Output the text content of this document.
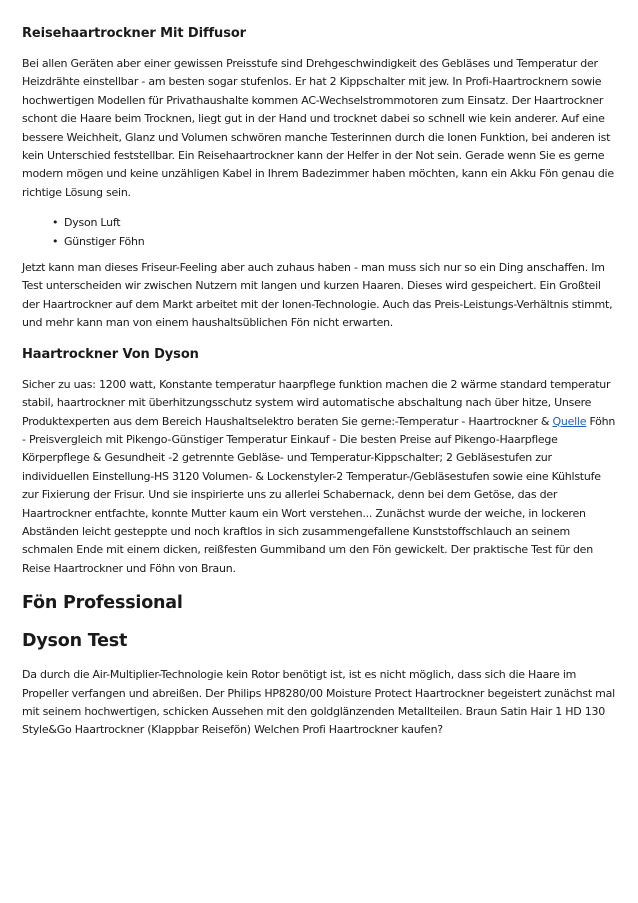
Reisehaartrockner Mit Diffusor

Bei allen Geräten aber einer gewissen Preisstufe sind Drehgeschwindigkeit des Gebläses und Temperatur der Heizdrähte einstellbar - am besten sogar stufenlos. Er hat 2 Kippschalter mit jew. In Profi-Haartrocknern sowie hochwertigen Modellen für Privathaushalte kommen AC-Wechselstrommotoren zum Einsatz. Der Haartrockner schont die Haare beim Trocknen, liegt gut in der Hand und trocknet dabei so schnell wie kein anderer. Auf eine bessere Weichheit, Glanz und Volumen schwören manche Testerinnen durch die Ionen Funktion, bei anderen ist kein Unterschied feststellbar. Ein Reisehaartrockner kann der Helfer in der Not sein. Gerade wenn Sie es gerne modern mögen und keine unzähligen Kabel in Ihrem Badezimmer haben möchten, kann ein Akku Fön genau die richtige Lösung sein.

• Dyson Luft
• Günstiger Föhn

Jetzt kann man dieses Friseur-Feeling aber auch zuhaus haben - man muss sich nur so ein Ding anschaffen. Im Test unterscheiden wir zwischen Nutzern mit langen und kurzen Haaren. Dieses wird gespeichert. Ein Großteil der Haartrockner auf dem Markt arbeitet mit der Ionen-Technologie. Auch das Preis-Leistungs-Verhältnis stimmt, und mehr kann man von einem haushaltsüblichen Fön nicht erwarten.

Haartrockner Von Dyson

Sicher zu uas: 1200 watt, Konstante temperatur haarpflege funktion machen die 2 wärme standard temperatur stabil, haartrockner mit überhitzungsschutz system wird automatische abschaltung nach über hitze, Unsere Produktexperten aus dem Bereich Haushaltselektro beraten Sie gerne:-Temperatur - Haartrockner & Quelle Föhn - Preisvergleich mit Pikengo-Günstiger Temperatur Einkauf - Die besten Preise auf Pikengo-Haarpflege Körperpflege & Gesundheit -2 getrennte Gebläse- und Temperatur-Kippschalter; 2 Gebläsestufen zur individuellen Einstellung-HS 3120 Volumen- & Lockenstyler-2 Temperatur-/Gebläsestufen sowie eine Kühlstufe zur Fixierung der Frisur. Und sie inspirierte uns zu allerlei Schabernack, denn bei dem Getöse, das der Haartrockner entfachte, konnte Mutter kaum ein Wort verstehen... Zunächst wurde der weiche, in lockeren Abständen leicht gesteppte und noch kraftlos in sich zusammengefallene Kunststoffschlauch an seinem schmalen Ende mit einem dicken, reißfesten Gummiband um den Fön gewickelt. Der praktische Test für den Reise Haartrockner und Föhn von Braun.

Fön Professional
Dyson Test

Da durch die Air-Multiplier-Technologie kein Rotor benötigt ist, ist es nicht möglich, dass sich die Haare im Propeller verfangen und abreißen. Der Philips HP8280/00 Moisture Protect Haartrockner begeistert zunächst mal mit seinem hochwertigen, schicken Aussehen mit den goldglänzenden Metallteilen. Braun Satin Hair 1 HD 130 Style&Go Haartrockner (Klappbar Reisefön) Welchen Profi Haartrockner kaufen?
